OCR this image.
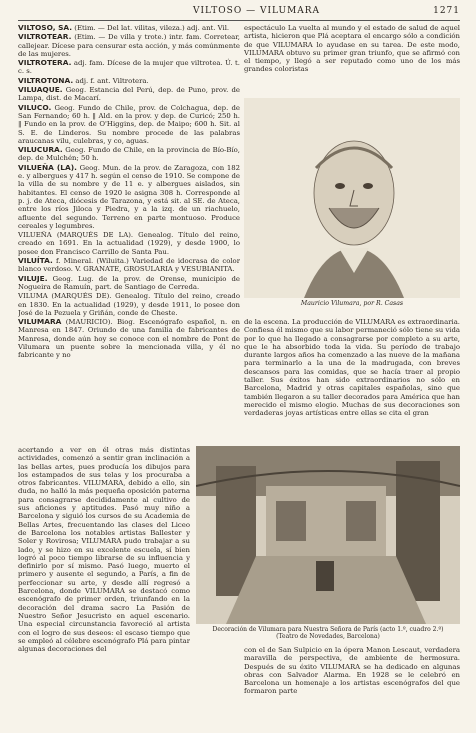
VILTOSO — VILUMARA	1271
VILTOSO, SA. (Etim. — Del lat. vilitas, vileza.) adj. ant. Vil.
VILTROTEAR. (Etim. — De villa y trote.) intr. fam. Corretear, callejear. Dícese para censurar esta acción, y más comúnmente de las mujeres.
VILTROTERA. adj. fam. Dícese de la mujer que viltrotea. Ú. t. c. s.
VILTROTONA. adj. f. ant. Viltrotera.
VILUAQUE. Geog. Estancia del Perú, dep. de Puno, prov. de Lampa, dist. de Macarí.
VILUCO. Geog. Fundo de Chile, prov. de Colchagua, dep. de San Fernando; 60 h. ‖ Ald. en la prov. y dep. de Curicó; 250 h. ‖ Fundo en la prov. de O'Higgins, dep. de Maipo; 600 h. Sit. al S. E. de Linderos. Su nombre procede de las palabras araucanas vilu, culebras, y co, aguas.
VILUCURA. Geog. Fundo de Chile, en la provincia de Bío-Bío, dep. de Mulchén; 50 h.
VILUEÑA (LA). Geog. Mun. de la prov. de Zaragoza, con 182 e. y albergues y 417 h. según el censo de 1910. Se compone de la villa de su nombre y de 11 e. y albergues aislados, sin habitantes. El censo de 1920 le asigna 308 h. Corresponde al p. j. de Ateca, diócesis de Tarazona, y está sit. al SE. de Ateca, entre los ríos Jiloca y Piedra, y a la izq. de un riachuelo, afluente del segundo. Terreno en parte montuoso. Produce cereales y legumbres.
VILUEÑA (MARQUÉS DE LA). Genealog. Título del reino, creado en 1691. En la actualidad (1929), y desde 1900, lo posee don Francisco Carrillo de Santa Pau.
VILUÍTA. f. Mineral. (Wiluita.) Variedad de idocrasa de color blanco verdoso. V. GRANATE, GROSULARIA y VESUBIANITA.
VILUJE. Geog. Lug. de la prov. de Orense, municipio de Nogueira de Ramuín, part. de Santiago de Cerreda.
VILUMA (MARQUÉS DE). Genealog. Título del reino, creado en 1830. En la actualidad (1929), y desde 1911, lo posee don José de la Pezuela y Griñán, conde de Cheste.
VILUMARA (MAURICIO). Biog. Escenógrafo español, n. en Manresa en 1847. Oriundo de una familia de fabricantes de Manresa, donde aún hoy se conoce con el nombre de Pont de Vilumara un puente sobre la mencionada villa, y él no fabricante y no
espectáculo La vuelta al mundo y el estado de salud de aquel artista, hicieron que Plá aceptara el encargo sólo a condición de que VILUMARA lo ayudase en su tarea. De este modo, VILUMARA obtuvo su primer gran triunfo, que se afirmó con el tiempo, y llegó a ser reputado como uno de los más grandes coloristas
Mauricio Vilumara, por R. Casas
de la escena. La producción de VILUMARA es extraordinaria. Confiesa él mismo que su labor permaneció sólo tiene su vida por lo que ha llegado a consagrarse por completo a su arte, que le ha absorbido toda la vida. Su período de trabajo durante largos años ha comenzado a las nueve de la mañana para terminarlo a la una de la madrugada, con breves descansos para las comidas, que se hacía traer al propio taller. Sus éxitos han sido extraordinarios no sólo en Barcelona, Madrid y otras capitales españolas, sino que también llegaron a su taller decorados para América que han merecido el mismo elogio. Muchas de sus decoraciones son verdaderas joyas artísticas entre ellas se cita el gran
acertando a ver en él otras más distintas actividades, comenzó a sentir gran inclinación a las bellas artes, pues producía los dibujos para los estampados de sus telas y los procuraba a otros fabricantes. VILUMARA, debido a ello, sin duda, no halló la más pequeña oposición paterna para consagrarse decididamente al cultivo de sus aficiones y aptitudes. Pasó muy niño a Barcelona y siguió los cursos de su Academia de Bellas Artes, frecuentando las clases del Liceo de Barcelona los notables artistas Ballester y Soler y Rovirosa; VILUMARA pudo trabajar a su lado, y se hizo en su excelente escuela, sí bien logró al poco tiempo librarse de su influencia y definirlo por sí mismo. Pasó luego, muerto el primero y ausente el segundo, a París, a fin de perfeccionar su arte, y desde allí regresó a Barcelona, donde VILUMARA se destacó como escenógrafo de primer orden, triunfando en la decoración del drama sacro La Pasión de Nuestro Señor Jesucristo en aquel escenario. Una especial circunstancia favoreció al artista con el logro de sus deseos: el escaso tiempo que se empleó al célebre escenógrafo Plá para pintar algunas decoraciones del
Decoración de Vilumara para Nuestra Señora de París (acto 1.º, cuadro 2.º)
(Teatro de Novedades, Barcelona)
con el de San Sulpicio en la ópera Manon Lescaut, verdadera maravilla de perspectiva, de ambiente de hermosura. Después de su éxito VILUMARA se ha dedicado en algunas obras con Salvador Alarma. En 1928 se le celebró en Barcelona un homenaje a los artistas escenógrafos del que formaron parte
